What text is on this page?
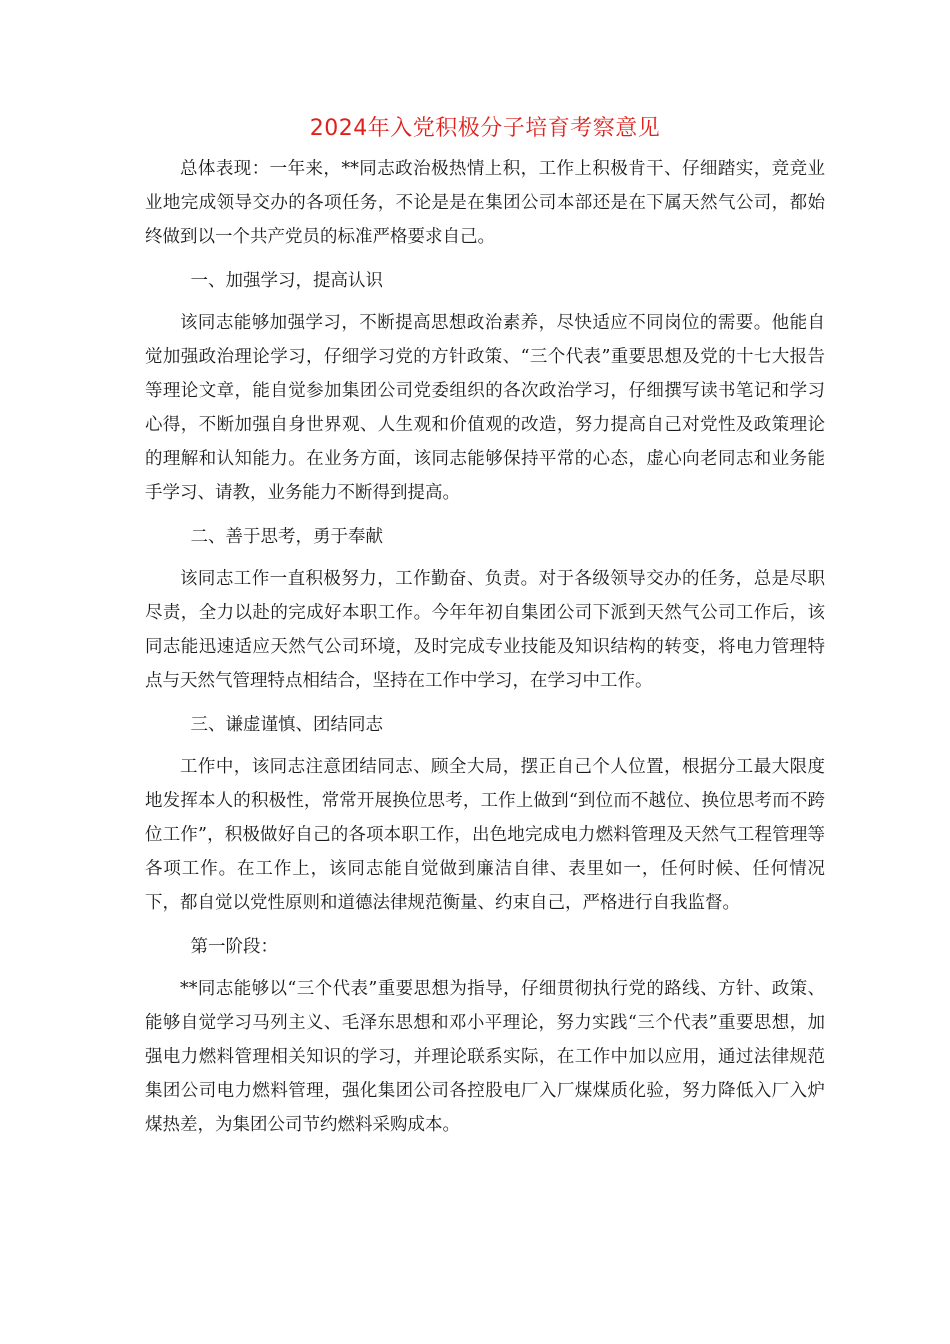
2024年入党积极分子培育考察意见

总体表现：一年来，**同志政治极热情上积，工作上积极肯干、仔细踏实，竞竞业业地完成领导交办的各项任务，不论是是在集团公司本部还是在下属天然气公司，都始终做到以一个共产党员的标准严格要求自己。

一、加强学习，提高认识

该同志能够加强学习，不断提高思想政治素养，尽快适应不同岗位的需要。他能自觉加强政治理论学习，仔细学习党的方针政策、“三个代表”重要思想及党的十七大报告等理论文章，能自觉参加集团公司党委组织的各次政治学习，仔细撰写读书笔记和学习心得，不断加强自身世界观、人生观和价值观的改造，努力提高自己对党性及政策理论的理解和认知能力。在业务方面，该同志能够保持平常的心态，虚心向老同志和业务能手学习、请教，业务能力不断得到提高。

二、善于思考，勇于奉献

该同志工作一直积极努力，工作勤奋、负责。对于各级领导交办的任务，总是尽职尽责，全力以赴的完成好本职工作。今年年初自集团公司下派到天然气公司工作后，该同志能迅速适应天然气公司环境，及时完成专业技能及知识结构的转变，将电力管理特点与天然气管理特点相结合，坚持在工作中学习，在学习中工作。

三、谦虚谨慎、团结同志

工作中，该同志注意团结同志、顾全大局，摆正自己个人位置，根据分工最大限度地发挥本人的积极性，常常开展换位思考，工作上做到“到位而不越位、换位思考而不跨位工作”，积极做好自己的各项本职工作，出色地完成电力燃料管理及天然气工程管理等各项工作。在工作上，该同志能自觉做到廉洁自律、表里如一，任何时候、任何情况下，都自觉以党性原则和道德法律规范衡量、约束自己，严格进行自我监督。

第一阶段：

**同志能够以“三个代表”重要思想为指导，仔细贯彻执行党的路线、方针、政策、能够自觉学习马列主义、毛泽东思想和邓小平理论，努力实践“三个代表”重要思想，加强电力燃料管理相关知识的学习，并理论联系实际，在工作中加以应用，通过法律规范集团公司电力燃料管理，强化集团公司各控股电厂入厂煤煤质化验，努力降低入厂入炉煤热差，为集团公司节约燃料采购成本。
